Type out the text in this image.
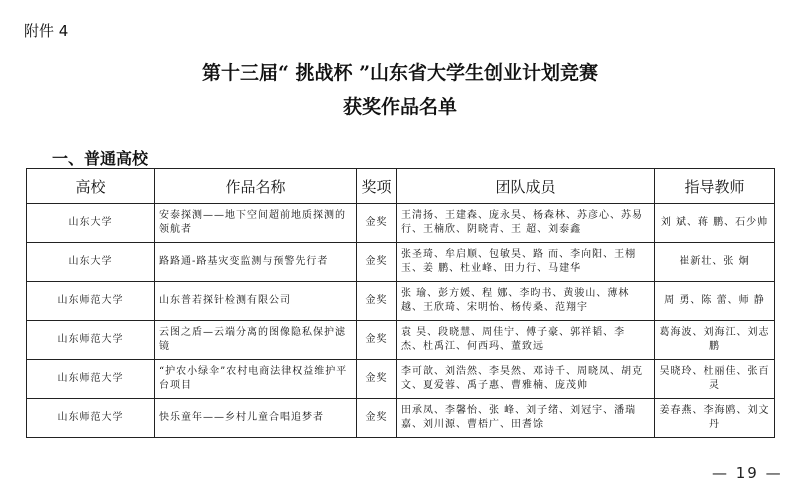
附件 4
第十三届“ 挑战杯 ”山东省大学生创业计划竞赛
获奖作品名单
一、普通高校
高校	作品名称	奖项	团队成员	指导教师
山东大学	安泰探测——地下空间超前地质探测的领航者	金奖	王清扬、王建森、庞永昊、杨森林、苏彦心、苏易行、王楠欣、阴晓青、王 超、刘泰鑫	刘 斌、蒋 鹏、石少帅
山东大学	路路通-路基灾变监测与预警先行者	金奖	张圣琦、牟启顺、包敏昊、路 而、李向阳、王栩玉、姜 鹏、杜业峰、田力行、马建华	崔新壮、张 炯
山东师范大学	山东普若探针检测有限公司	金奖	张 瑜、彭方媛、程 娜、李昀书、黄骏山、薄林越、王欣琦、宋明怡、杨传桑、范翔宇	周 勇、陈 蕾、师 静
山东师范大学	云图之盾—云端分离的图像隐私保护滤镜	金奖	袁 昊、段晓慧、周佳宁、傅子豪、郭祥韬、李 杰、杜禹江、何西玛、董致远	葛海波、刘海江、刘志鹏
山东师范大学	“护农小绿伞”农村电商法律权益维护平台项目	金奖	李可歆、刘浩然、李昊然、邓诗千、周晓凤、胡克文、夏爱蓉、禹子惠、曹雅楠、庞茂帅	吴晓玲、杜丽佳、张百灵
山东师范大学	快乐童年——乡村儿童合唱追梦者	金奖	田承凤、李馨怡、张 峰、刘子绪、刘冠宇、潘瑞嘉、刘川源、曹梧广、田耆馀	姜春燕、李海鸥、刘文丹
— 19 —
